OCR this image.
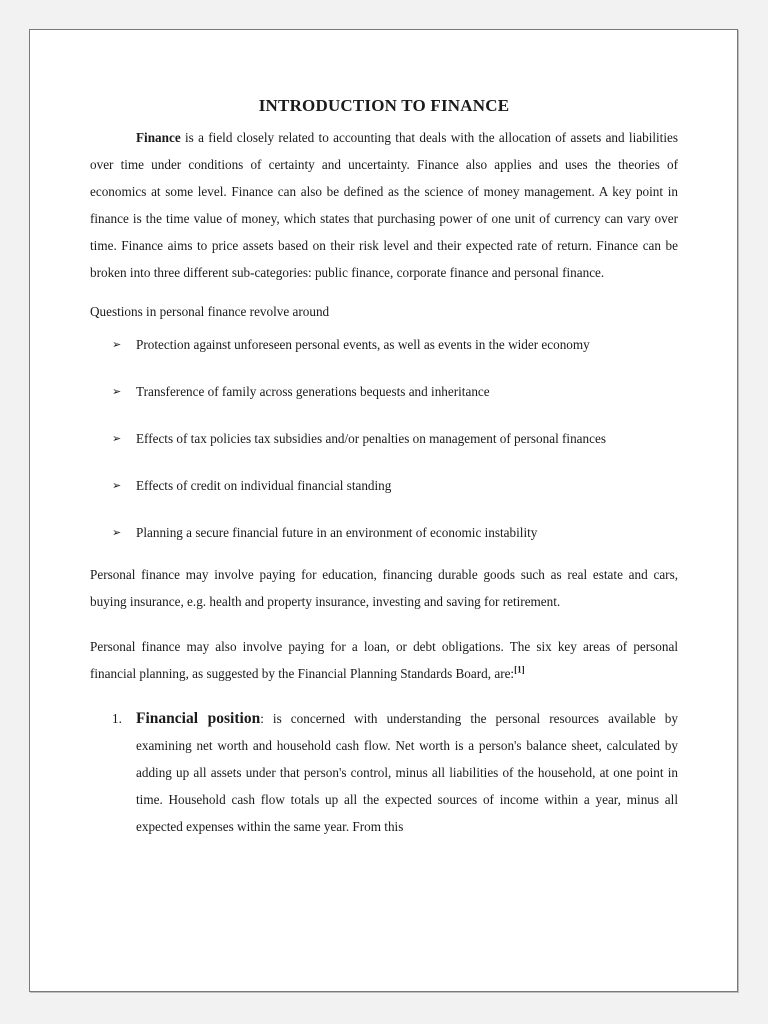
INTRODUCTION TO FINANCE

Finance is a field closely related to accounting that deals with the allocation of assets and liabilities over time under conditions of certainty and uncertainty. Finance also applies and uses the theories of economics at some level. Finance can also be defined as the science of money management. A key point in finance is the time value of money, which states that purchasing power of one unit of currency can vary over time. Finance aims to price assets based on their risk level and their expected rate of return. Finance can be broken into three different sub-categories: public finance, corporate finance and personal finance.

Questions in personal finance revolve around

➢ Protection against unforeseen personal events, as well as events in the wider economy
➢ Transference of family across generations bequests and inheritance
➢ Effects of tax policies tax subsidies and/or penalties on management of personal finances
➢ Effects of credit on individual financial standing
➢ Planning a secure financial future in an environment of economic instability

Personal finance may involve paying for education, financing durable goods such as real estate and cars, buying insurance, e.g. health and property insurance, investing and saving for retirement.

Personal finance may also involve paying for a loan, or debt obligations. The six key areas of personal financial planning, as suggested by the Financial Planning Standards Board, are:[1]

1. Financial position: is concerned with understanding the personal resources available by examining net worth and household cash flow. Net worth is a person's balance sheet, calculated by adding up all assets under that person's control, minus all liabilities of the household, at one point in time. Household cash flow totals up all the expected sources of income within a year, minus all expected expenses within the same year. From this
